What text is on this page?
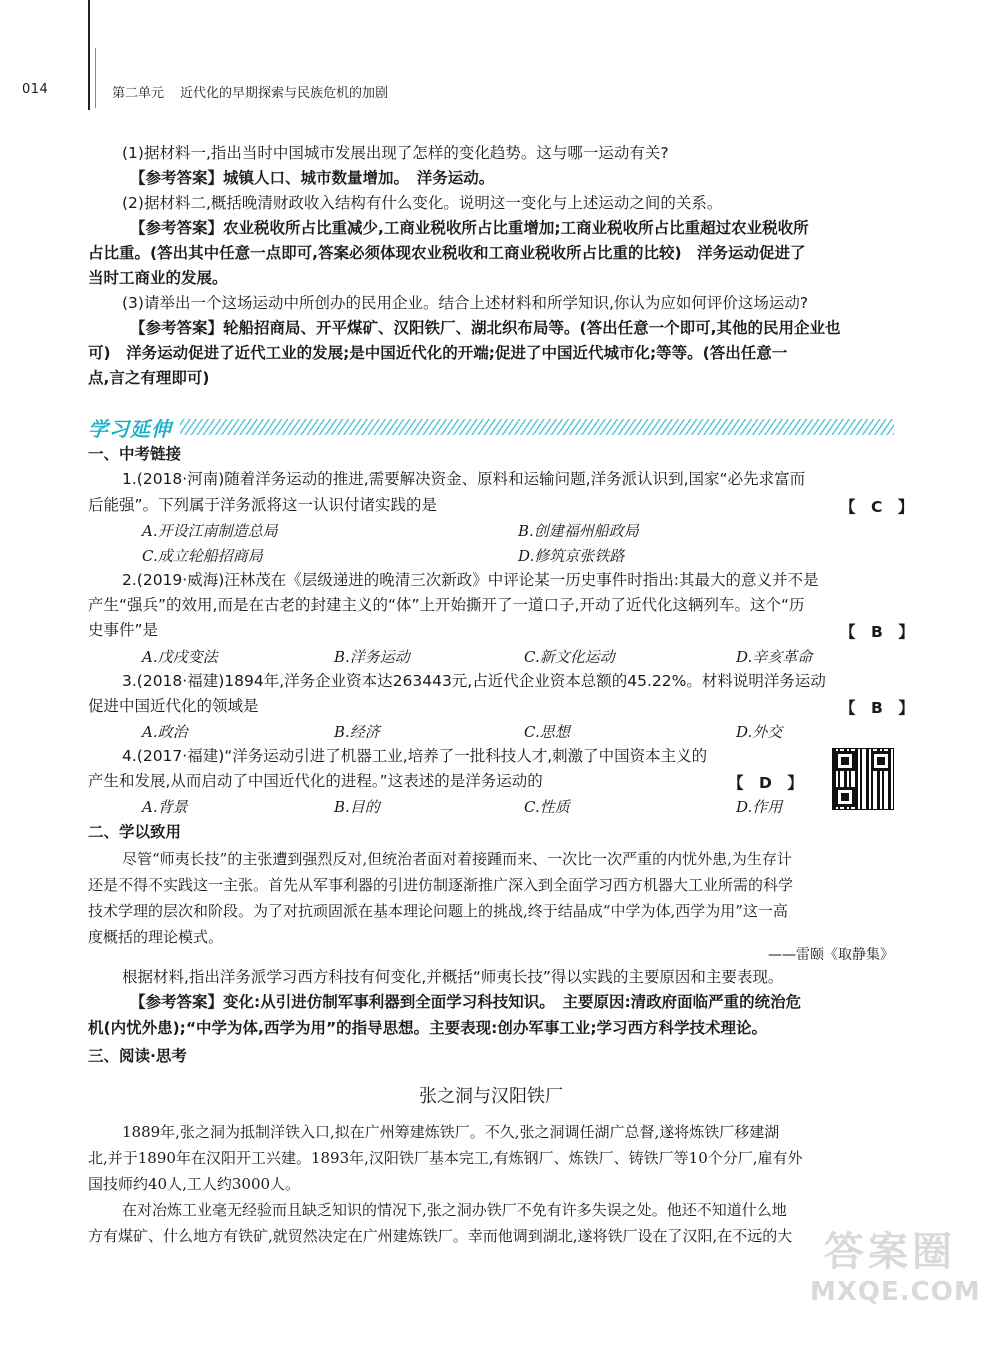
014	第二单元 近代化的早期探索与民族危机的加剧
(1)据材料一,指出当时中国城市发展出现了怎样的变化趋势。这与哪一运动有关?
【参考答案】城镇人口、城市数量增加。　洋务运动。
(2)据材料二,概括晚清财政收入结构有什么变化。说明这一变化与上述运动之间的关系。
【参考答案】农业税收所占比重减少,工商业税收所占比重增加;工商业税收所占比重超过农业税收所
占比重。(答出其中任意一点即可,答案必须体现农业税收和工商业税收所占比重的比较)　洋务运动促进了
当时工商业的发展。
(3)请举出一个这场运动中所创办的民用企业。结合上述材料和所学知识,你认为应如何评价这场运动?
【参考答案】轮船招商局、开平煤矿、汉阳铁厂、湖北织布局等。(答出任意一个即可,其他的民用企业也
可)　洋务运动促进了近代工业的发展;是中国近代化的开端;促进了中国近代城市化;等等。(答出任意一
点,言之有理即可)
学习延伸
一、中考链接
1.(2018·河南)随着洋务运动的推进,需要解决资金、原料和运输问题,洋务派认识到,国家“必先求富而
后能强”。下列属于洋务派将这一认识付诸实践的是	【　C　】
A.开设江南制造总局	B.创建福州船政局
C.成立轮船招商局	D.修筑京张铁路
2.(2019·威海)汪林茂在《层级递进的晚清三次新政》中评论某一历史事件时指出:其最大的意义并不是
产生“强兵”的效用,而是在古老的封建主义的“体”上开始撕开了一道口子,开动了近代化这辆列车。这个“历
史事件”是	【　B　】
A.戊戌变法	B.洋务运动	C.新文化运动	D.辛亥革命
3.(2018·福建)1894年,洋务企业资本达263443元,占近代企业资本总额的45.22%。材料说明洋务运动
促进中国近代化的领域是	【　B　】
A.政治	B.经济	C.思想	D.外交
4.(2017·福建)“洋务运动引进了机器工业,培养了一批科技人才,刺激了中国资本主义的
产生和发展,从而启动了中国近代化的进程。”这表述的是洋务运动的	【　D　】
A.背景	B.目的	C.性质	D.作用
二、学以致用
尽管“师夷长技”的主张遭到强烈反对,但统治者面对着接踵而来、一次比一次严重的内忧外患,为生存计
还是不得不实践这一主张。首先从军事利器的引进仿制逐渐推广深入到全面学习西方机器大工业所需的科学
技术学理的层次和阶段。为了对抗顽固派在基本理论问题上的挑战,终于结晶成“中学为体,西学为用”这一高
度概括的理论模式。
——雷颐《取静集》
根据材料,指出洋务派学习西方科技有何变化,并概括“师夷长技”得以实践的主要原因和主要表现。
【参考答案】变化:从引进仿制军事利器到全面学习科技知识。　主要原因:清政府面临严重的统治危
机(内忧外患);“中学为体,西学为用”的指导思想。主要表现:创办军事工业;学习西方科学技术理论。
三、阅读·思考
张之洞与汉阳铁厂
1889年,张之洞为抵制洋铁入口,拟在广州筹建炼铁厂。不久,张之洞调任湖广总督,遂将炼铁厂移建湖
北,并于1890年在汉阳开工兴建。1893年,汉阳铁厂基本完工,有炼钢厂、炼铁厂、铸铁厂等10个分厂,雇有外
国技师约40人,工人约3000人。
在对冶炼工业毫无经验而且缺乏知识的情况下,张之洞办铁厂不免有许多失误之处。他还不知道什么地
方有煤矿、什么地方有铁矿,就贸然决定在广州建炼铁厂。幸而他调到湖北,遂将铁厂设在了汉阳,在不远的大 答案圈
MXQE.COM
